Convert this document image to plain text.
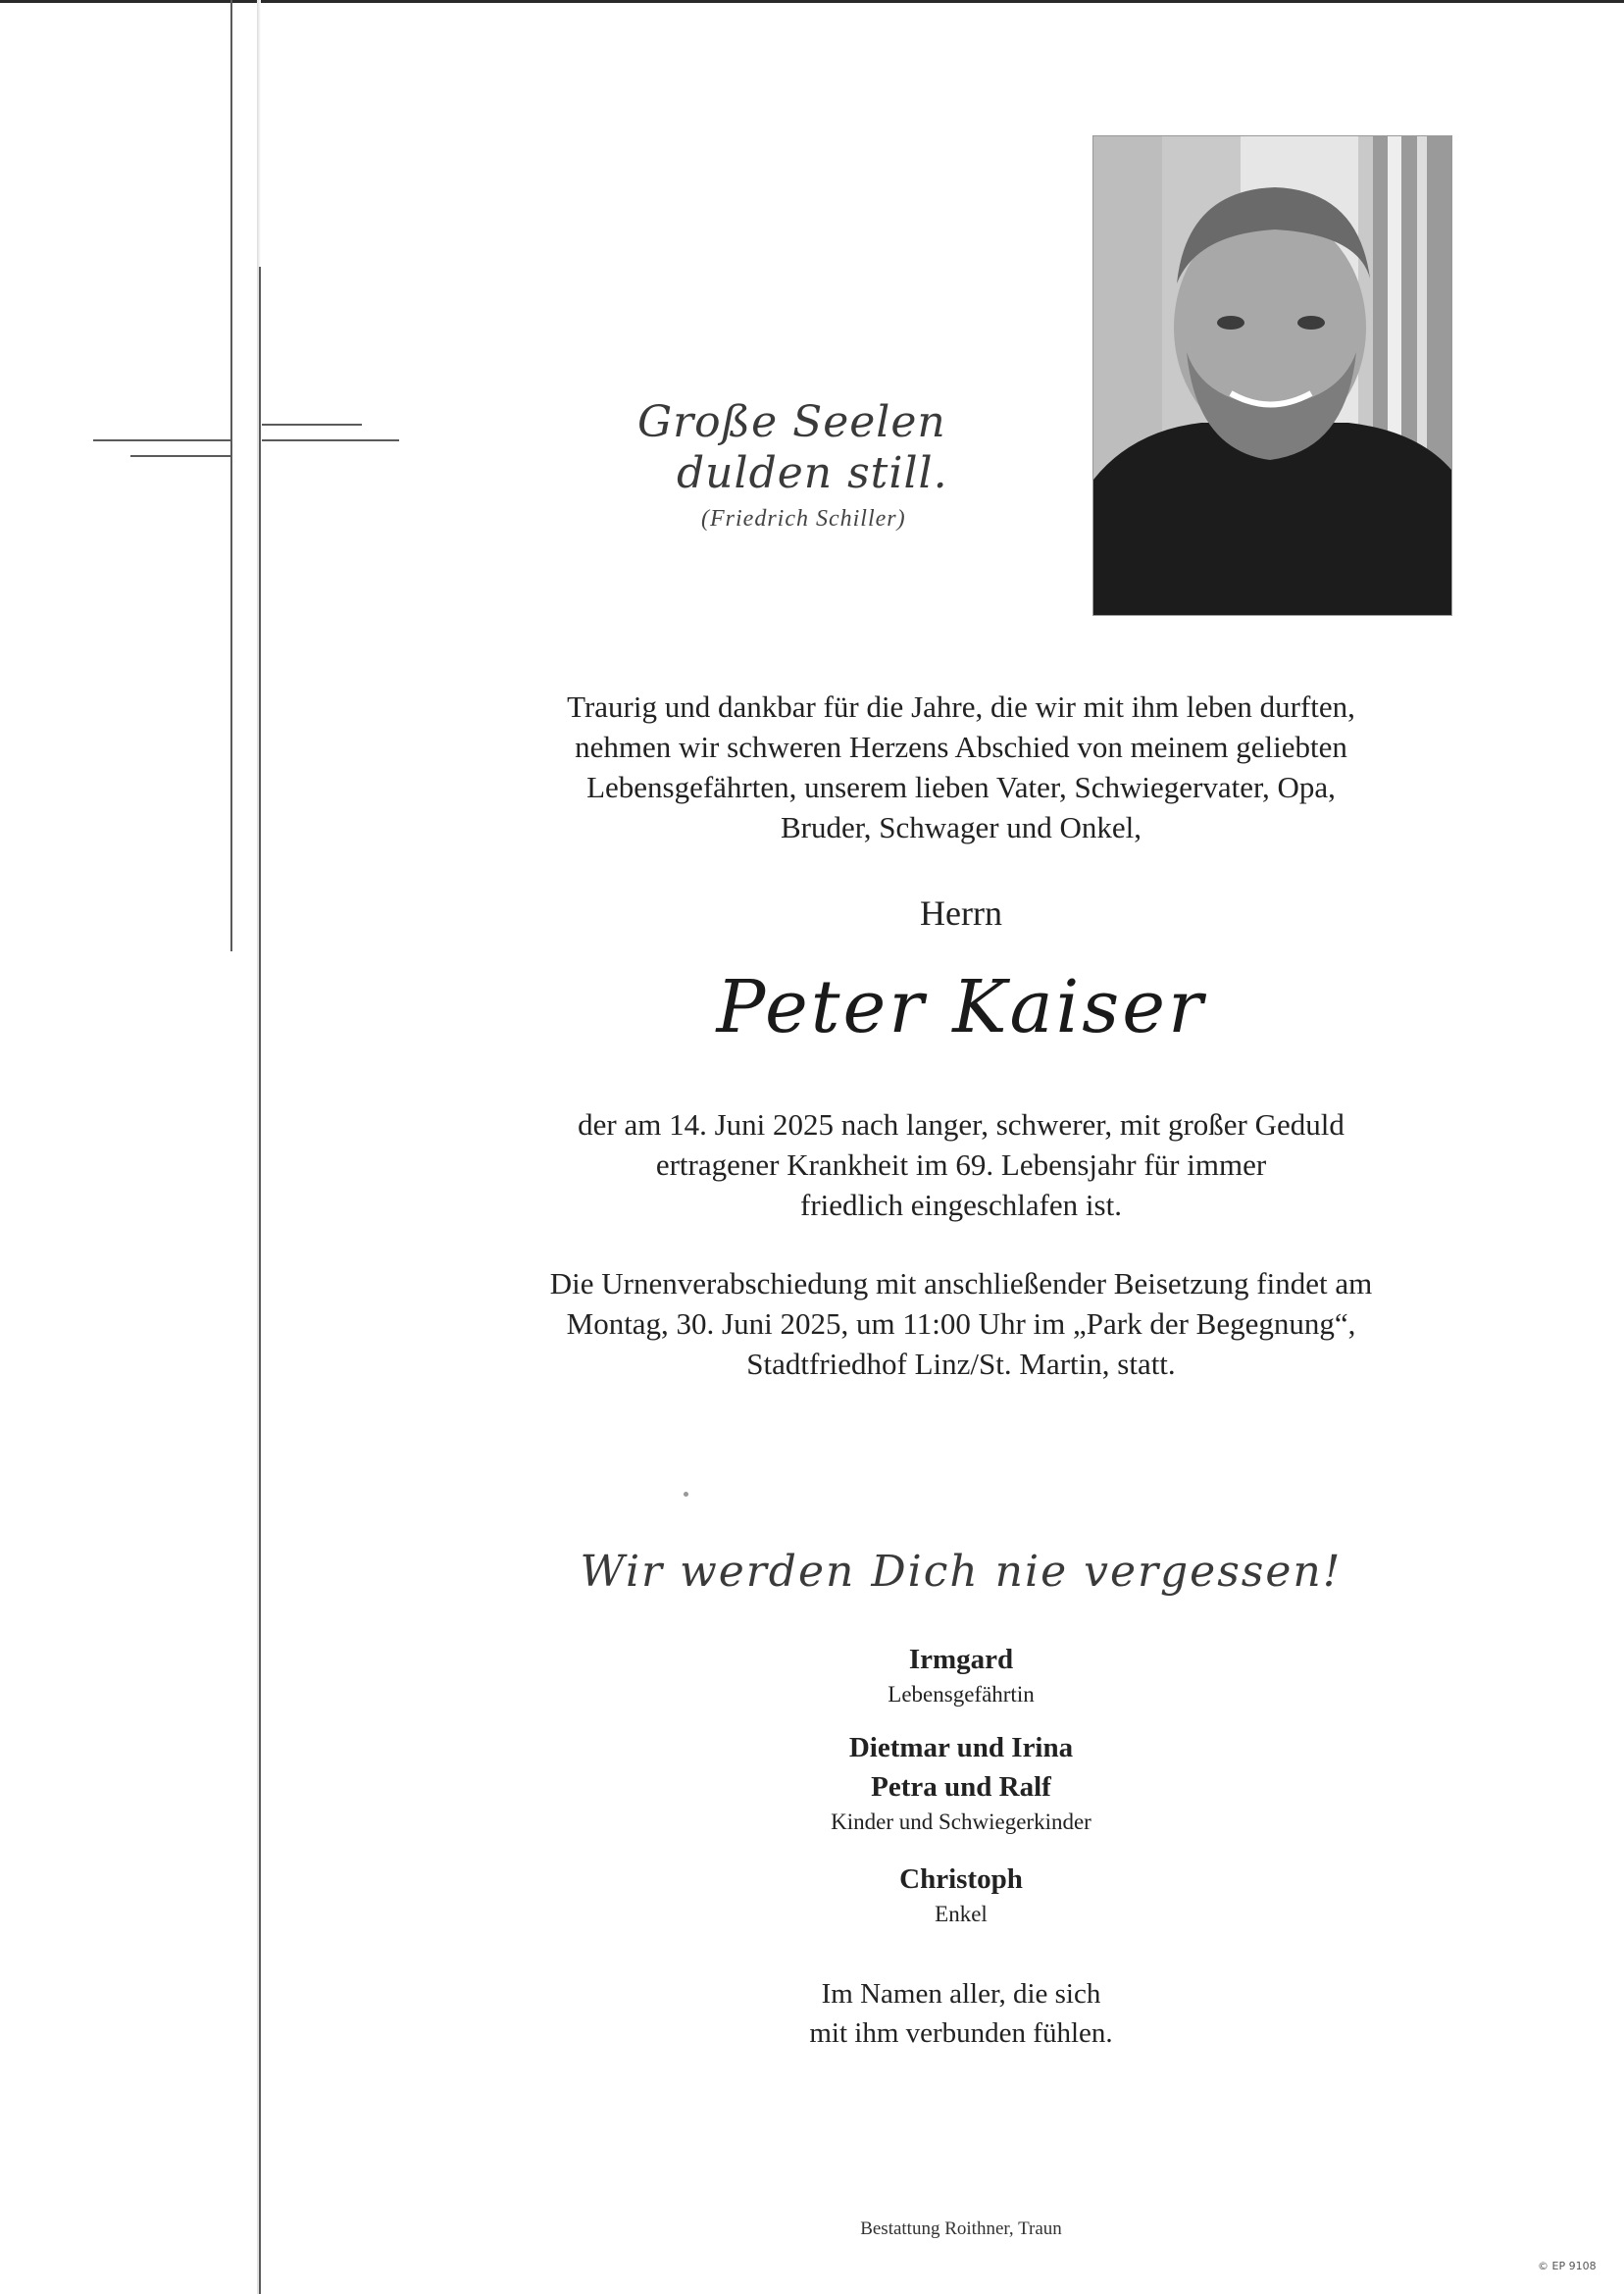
Große Seelen

dulden still.

(Friedrich Schiller)

Traurig und dankbar für die Jahre, die wir mit ihm leben durften,
nehmen wir schweren Herzens Abschied von meinem geliebten
Lebensgefährten, unserem lieben Vater, Schwiegervater, Opa,
Bruder, Schwager und Onkel,
Herrn
Peter Kaiser
der am 14. Juni 2025 nach langer, schwerer, mit großer Geduld
ertragener Krankheit im 69. Lebensjahr für immer
friedlich eingeschlafen ist.
Die Urnenverabschiedung mit anschließender Beisetzung findet am
Montag, 30. Juni 2025, um 11:00 Uhr im „Park der Begegnung“,
Stadtfriedhof Linz/St. Martin, statt.
Wir werden Dich nie vergessen!
Irmgard
Lebensgefährtin
Dietmar und Irina
Petra und Ralf
Kinder und Schwiegerkinder
Christoph
Enkel
Im Namen aller, die sich
mit ihm verbunden fühlen.
Bestattung Roithner, Traun
© EP 9108
